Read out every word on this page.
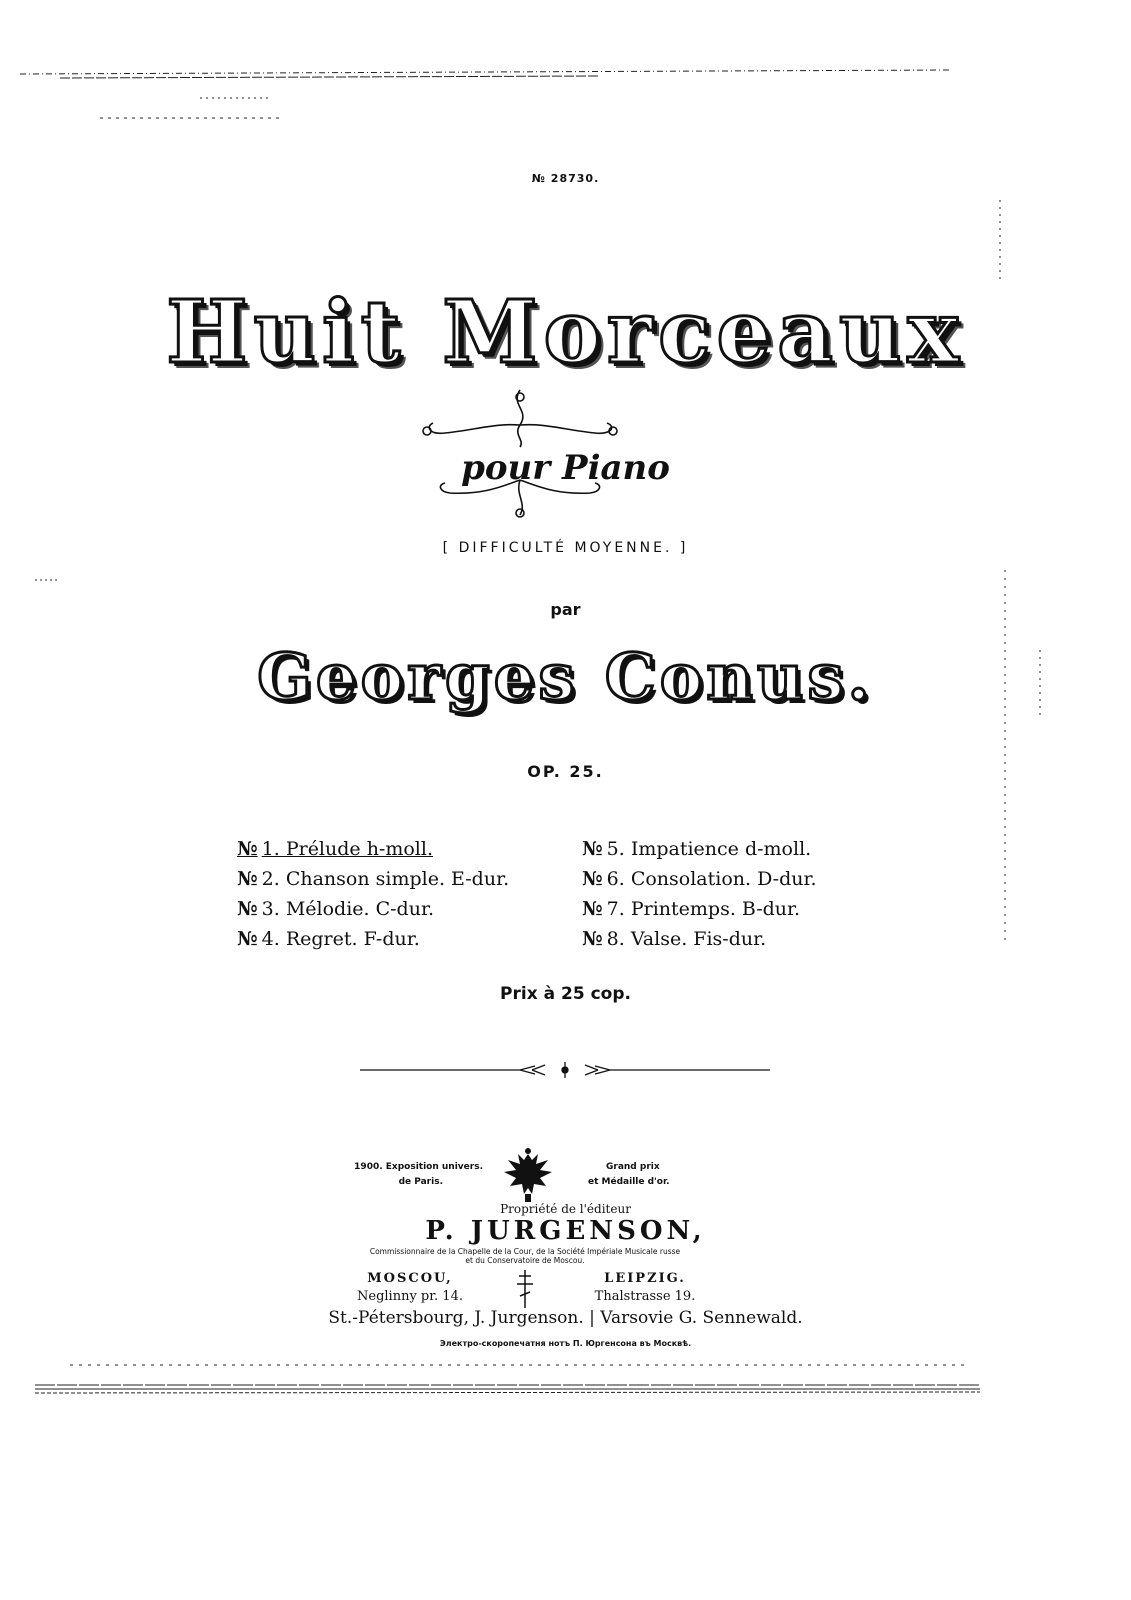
№ 28730.
Huit Morceaux
pour Piano
[ DIFFICULTÉ MOYENNE. ]
par
Georges Conus.
OP. 25.
№ 1. Prélude h-moll.	№ 5. Impatience d-moll.
№ 2. Chanson simple. E-dur.	№ 6. Consolation. D-dur.
№ 3. Mélodie. C-dur.	№ 7. Printemps. B-dur.
№ 4. Regret. F-dur.	№ 8. Valse. Fis-dur.
Prix à 25 cop.
1900. Exposition univers.
de Paris.
Grand prix
et Médaille d'or.
Propriété de l'éditeur
P. JURGENSON,
Commissionnaire de la Chapelle de la Cour, de la Société Impériale Musicale russe
et du Conservatoire de Moscou.
MOSCOU,
Neglinny pr. 14.
LEIPZIG.
Thalstrasse 19.
St.-Pétersbourg, J. Jurgenson. | Varsovie G. Sennewald.
Электро-скоропечатня нотъ П. Юргенсона въ Москвѣ.
